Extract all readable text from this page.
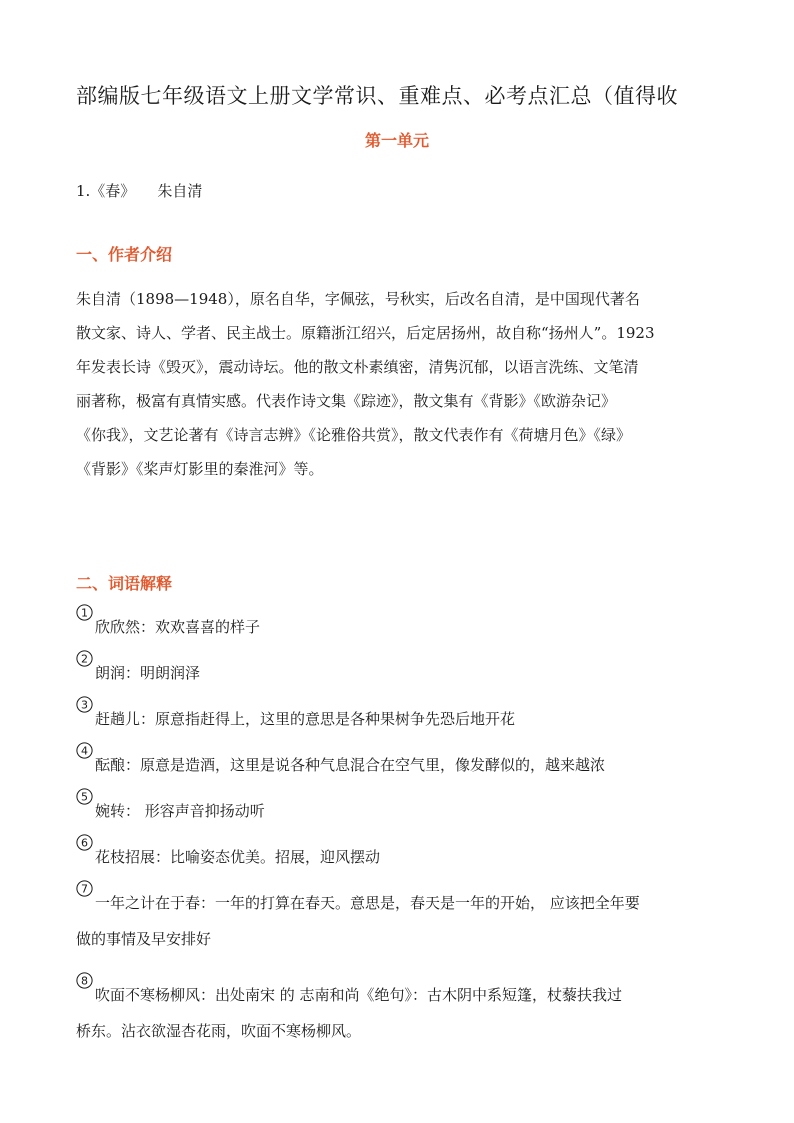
部编版七年级语文上册文学常识、重难点、必考点汇总（值得收
第一单元
1.《春》 朱自清
一、作者介绍
朱自清（1898—1948），原名自华，字佩弦，号秋实，后改名自清，是中国现代著名
散文家、诗人、学者、民主战士。原籍浙江绍兴，后定居扬州，故自称“扬州人”。1923
年发表长诗《毁灭》，震动诗坛。他的散文朴素缜密，清隽沉郁，以语言洗练、文笔清
丽著称，极富有真情实感。代表作诗文集《踪迹》，散文集有《背影》《欧游杂记》
《你我》，文艺论著有《诗言志辨》《论雅俗共赏》，散文代表作有《荷塘月色》《绿》
《背影》《桨声灯影里的秦淮河》等。
二、词语解释
1
欣欣然：欢欢喜喜的样子
2
朗润：明朗润泽
3
赶趟儿：原意指赶得上，这里的意思是各种果树争先恐后地开花
4
酝酿：原意是造酒，这里是说各种气息混合在空气里，像发酵似的，越来越浓
5
婉转： 形容声音抑扬动听
6
花枝招展：比喻姿态优美。招展，迎风摆动
7
一年之计在于春：一年的打算在春天。意思是，春天是一年的开始， 应该把全年要
做的事情及早安排好
8
吹面不寒杨柳风：出处南宋 的 志南和尚《绝句》：古木阴中系短篷，杖藜扶我过
桥东。沾衣欲湿杏花雨，吹面不寒杨柳风。
